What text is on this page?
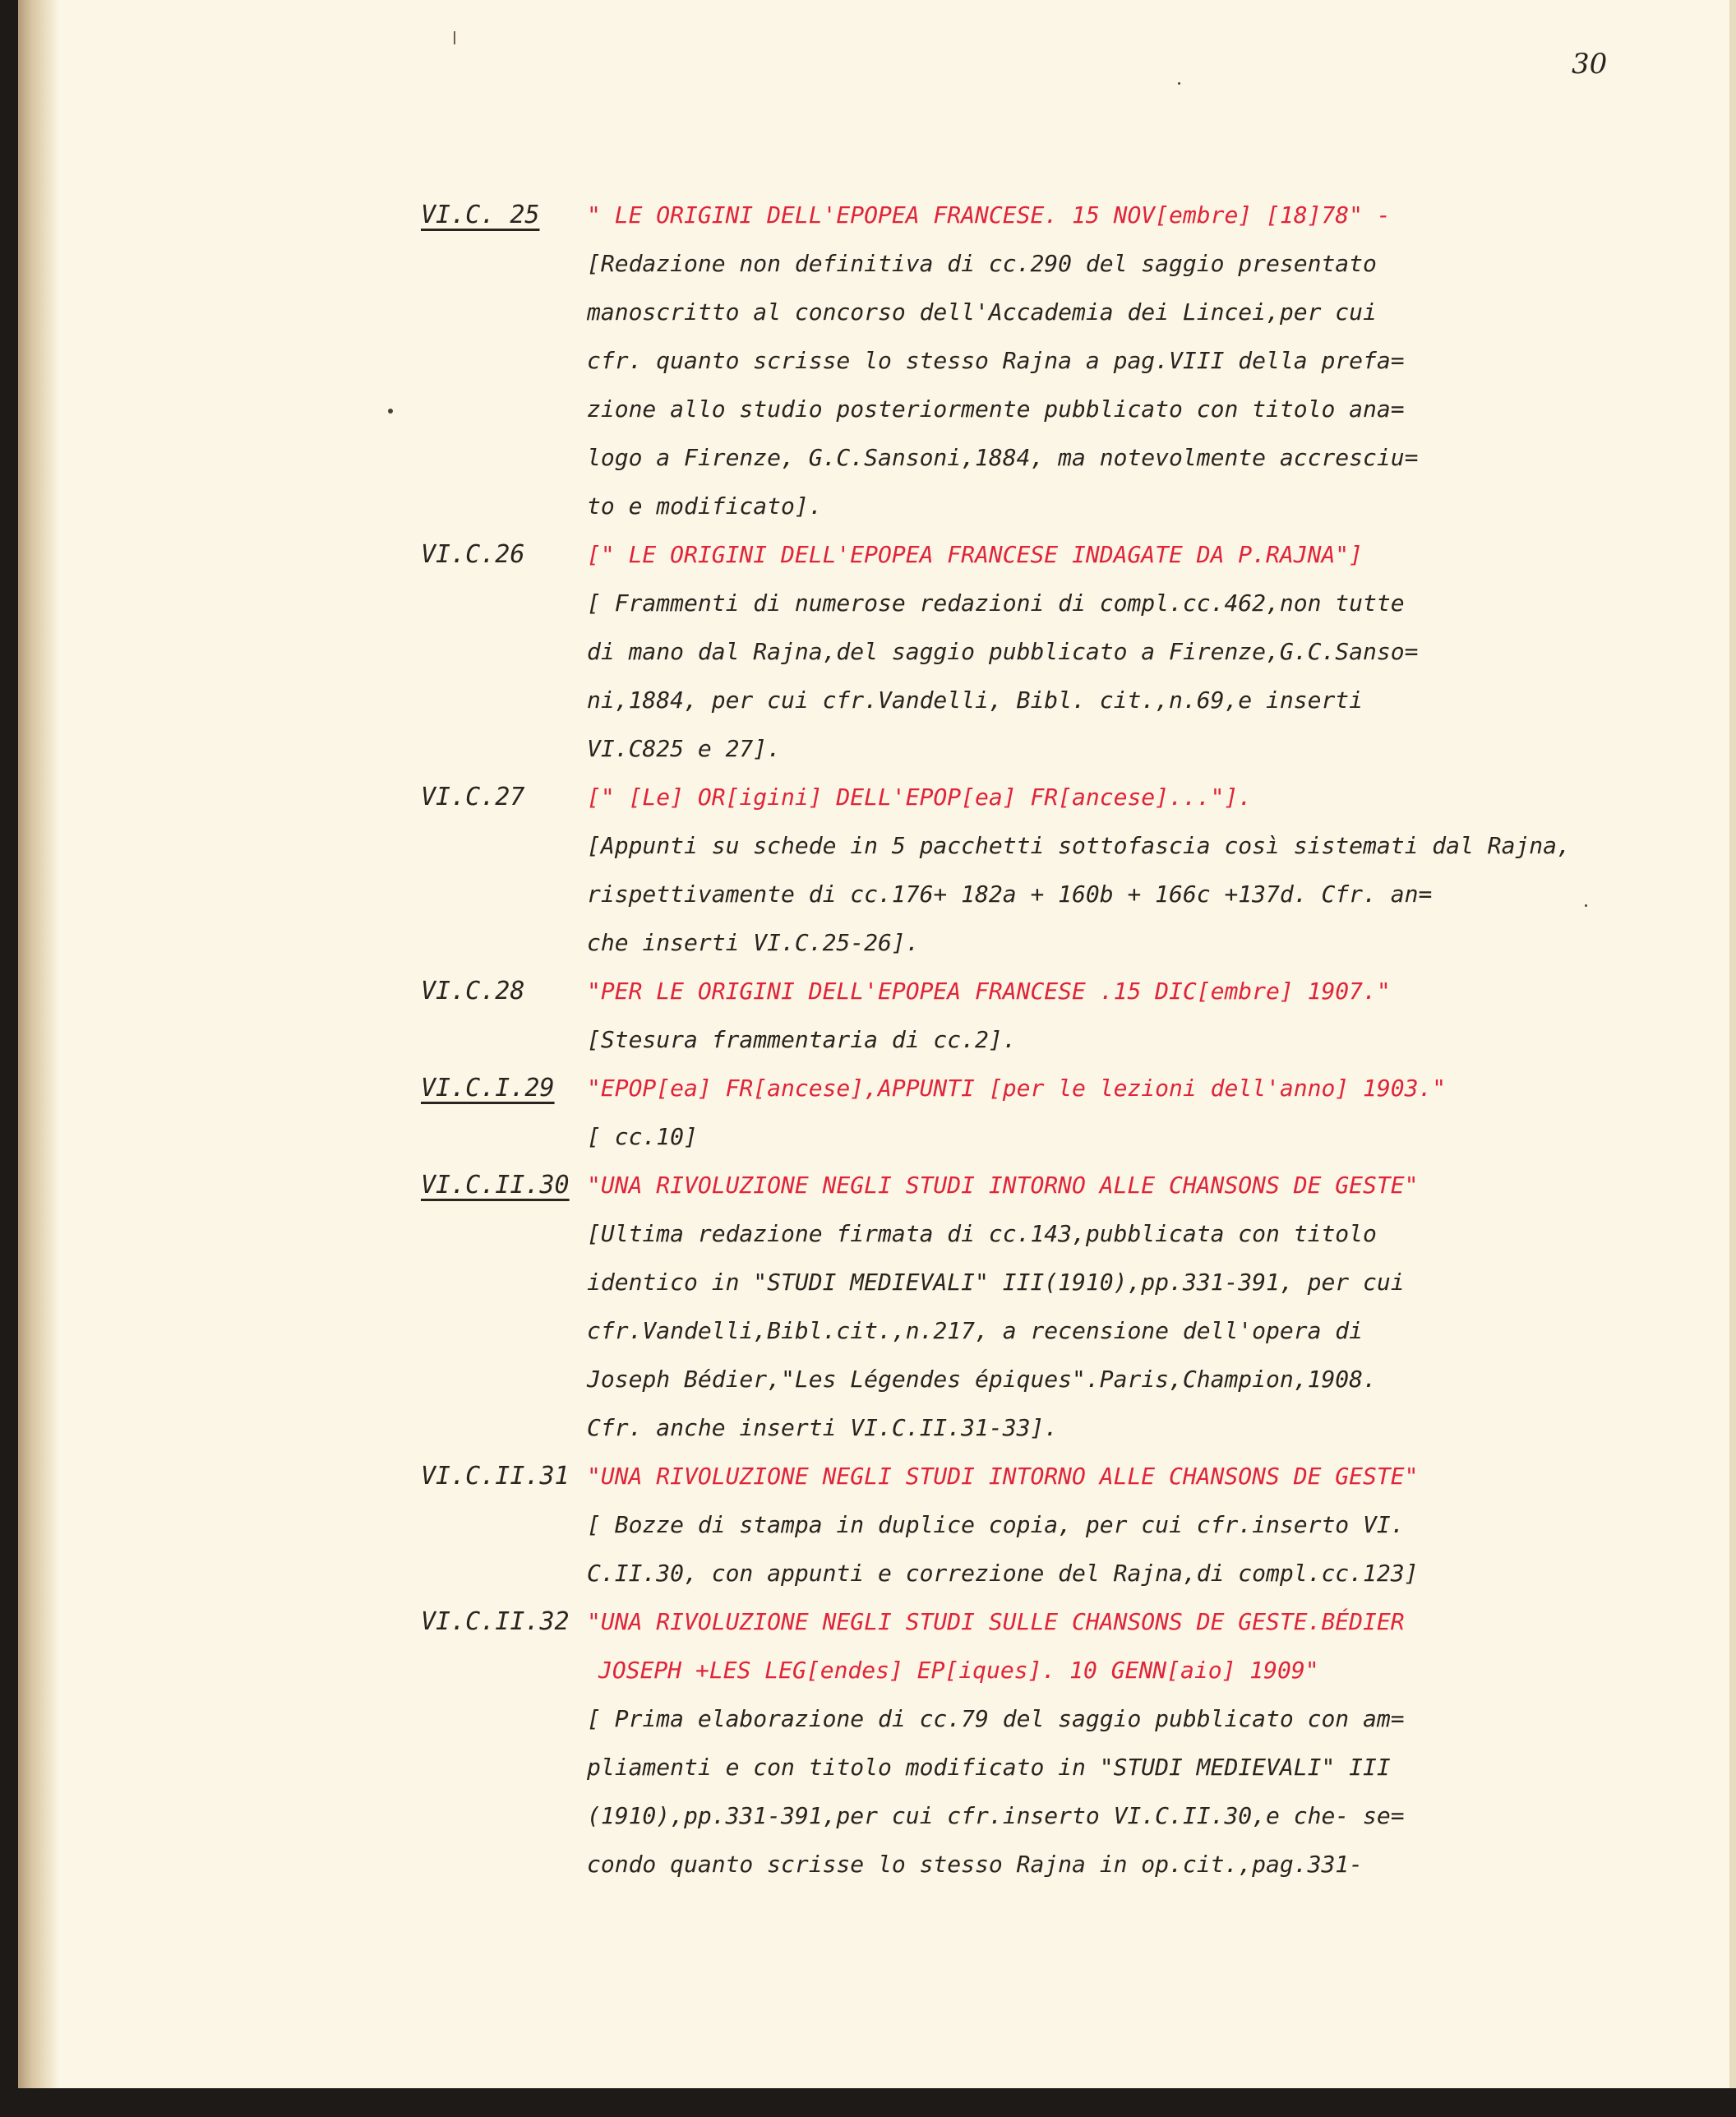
30
VI.C. 25	" LE ORIGINI DELL'EPOPEA FRANCESE. 15 NOV[embre] [18]78" -

[Redazione non definitiva di cc.290 del saggio presentato

manoscritto al concorso dell'Accademia dei Lincei,per cui

cfr. quanto scrisse lo stesso Rajna a pag.VIII della prefa=

zione allo studio posteriormente pubblicato con titolo ana=

logo a Firenze, G.C.Sansoni,1884, ma notevolmente accresciu=

to e modificato].

VI.C.26	[" LE ORIGINI DELL'EPOPEA FRANCESE INDAGATE DA P.RAJNA"]

[ Frammenti di numerose redazioni di compl.cc.462,non tutte

di mano dal Rajna,del saggio pubblicato a Firenze,G.C.Sanso=

ni,1884, per cui cfr.Vandelli, Bibl. cit.,n.69,e inserti

VI.C825 e 27].

VI.C.27	[" [Le] OR[igini] DELL'EPOP[ea] FR[ancese]..."].

[Appunti su schede in 5 pacchetti sottofascia così sistemati dal Rajna,

rispettivamente di cc.176+ 182a + 160b + 166c +137d. Cfr. an=

che inserti VI.C.25-26].

VI.C.28	"PER LE ORIGINI DELL'EPOPEA FRANCESE .15 DIC[embre] 1907."

[Stesura frammentaria di cc.2].

VI.C.I.29	"EPOP[ea] FR[ancese],APPUNTI [per le lezioni dell'anno] 1903."

[ cc.10]

VI.C.II.30 "UNA RIVOLUZIONE NEGLI STUDI INTORNO ALLE CHANSONS DE GESTE"

[Ultima redazione firmata di cc.143,pubblicata con titolo

identico in "STUDI MEDIEVALI" III(1910),pp.331-391, per cui

cfr.Vandelli,Bibl.cit.,n.217, a recensione dell'opera di

Joseph Bédier,"Les Légendes épiques".Paris,Champion,1908.

Cfr. anche inserti VI.C.II.31-33].

VI.C.II.31 "UNA RIVOLUZIONE NEGLI STUDI INTORNO ALLE CHANSONS DE GESTE"

[ Bozze di stampa in duplice copia, per cui cfr.inserto VI.

C.II.30, con appunti e correzione del Rajna,di compl.cc.123]

VI.C.II.32 "UNA RIVOLUZIONE NEGLI STUDI SULLE CHANSONS DE GESTE.BÉDIER

JOSEPH +LES LEG[endes] EP[iques]. 10 GENN[aio] 1909"

[ Prima elaborazione di cc.79 del saggio pubblicato con am=

pliamenti e con titolo modificato in "STUDI MEDIEVALI" III

(1910),pp.331-391,per cui cfr.inserto VI.C.II.30,e che- se=

condo quanto scrisse lo stesso Rajna in op.cit.,pag.331-
